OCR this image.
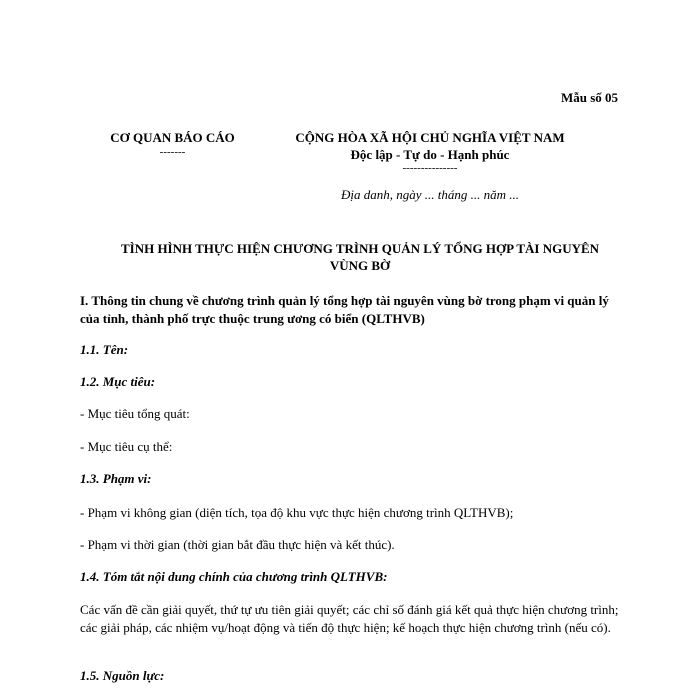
Mẫu số 05
CƠ QUAN BÁO CÁO
-------
CỘNG HÒA XÃ HỘI CHỦ NGHĨA VIỆT NAM
Độc lập - Tự do - Hạnh phúc
---------------
Địa danh, ngày ... tháng ... năm ...
TÌNH HÌNH THỰC HIỆN CHƯƠNG TRÌNH QUẢN LÝ TỔNG HỢP TÀI NGUYÊN
VÙNG BỜ
I. Thông tin chung về chương trình quản lý tổng hợp tài nguyên vùng bờ trong phạm vi quản lý của tỉnh, thành phố trực thuộc trung ương có biển (QLTHVB)
1.1. Tên:
1.2. Mục tiêu:
- Mục tiêu tổng quát:
- Mục tiêu cụ thể:
1.3. Phạm vi:
- Phạm vi không gian (diện tích, tọa độ khu vực thực hiện chương trình QLTHVB);
- Phạm vi thời gian (thời gian bắt đầu thực hiện và kết thúc).
1.4. Tóm tắt nội dung chính của chương trình QLTHVB:
Các vấn đề cần giải quyết, thứ tự ưu tiên giải quyết; các chỉ số đánh giá kết quả thực hiện chương trình; các giải pháp, các nhiệm vụ/hoạt động và tiến độ thực hiện; kế hoạch thực hiện chương trình (nếu có).
1.5. Nguồn lực:
